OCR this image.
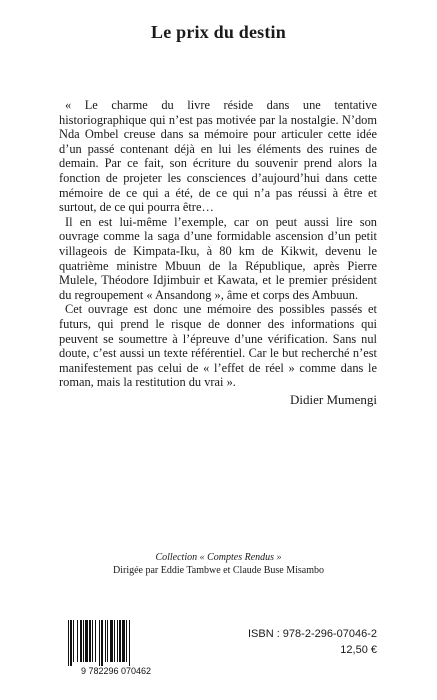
Le prix du destin

« Le charme du livre réside dans une tentative historiographique qui n’est pas motivée par la nostalgie. N’dom Nda Ombel creuse dans sa mémoire pour articuler cette idée d’un passé contenant déjà en lui les éléments des ruines de demain. Par ce fait, son écriture du souvenir prend alors la fonction de projeter les consciences d’aujourd’hui dans cette mémoire de ce qui a été, de ce qui n’a pas réussi à être et surtout, de ce qui pourra être…

Il en est lui-même l’exemple, car on peut aussi lire son ouvrage comme la saga d’une formidable ascension d’un petit villageois de Kimpata-Iku, à 80 km de Kikwit, devenu le quatrième ministre Mbuun de la République, après Pierre Mulele, Théodore Idjimbuir et Kawata, et le premier président du regroupement « Ansandong », âme et corps des Ambuun.

Cet ouvrage est donc une mémoire des possibles passés et futurs, qui prend le risque de donner des informations qui peuvent se soumettre à l’épreuve d’une vérification. Sans nul doute, c’est aussi un texte référentiel. Car le but recherché n’est manifestement pas celui de « l’effet de réel » comme dans le roman, mais la restitution du vrai ».

Didier Mumengi
Collection « Comptes Rendus »
Dirigée par Eddie Tambwe et Claude Buse Misambo
9 782296 070462
ISBN : 978-2-296-07046-2
12,50 €
